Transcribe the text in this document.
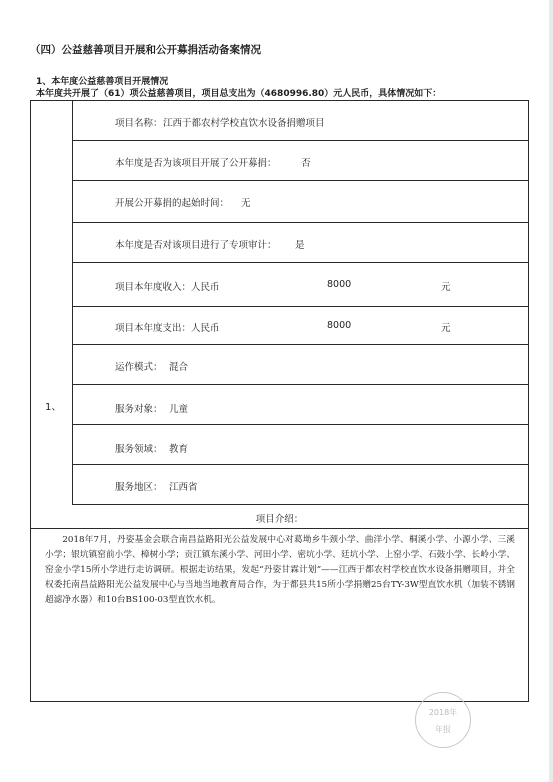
（四）公益慈善项目开展和公开募捐活动备案情况
1、本年度公益慈善项目开展情况
本年度共开展了（61）项公益慈善项目，项目总支出为（4680996.80）元人民币，具体情况如下：
1、
项目名称： 江西于都农村学校直饮水设备捐赠项目
本年度是否为该项目开展了公开募捐：	否
开展公开募捐的起始时间： 无
本年度是否对该项目进行了专项审计： 是
项目本年度收入：人民币	8000	元
项目本年度支出：人民币	8000	元
运作模式： 混合
服务对象： 儿童
服务领域： 教育
服务地区： 江西省
项目介绍：
2018年7月，丹姿基金会联合南昌益路阳光公益发展中心对葛坳乡牛颈小学、曲洋小学、桐溪小学、小源小学、三溪小学；银坑镇窑前小学、樟树小学；贡江镇东溪小学、河田小学、密坑小学、廷坑小学、上窑小学、石鼓小学、长岭小学、窑金小学15所小学进行走访调研。根据走访结果，发起“丹姿甘霖计划”——江西于都农村学校直饮水设备捐赠项目，并全权委托南昌益路阳光公益发展中心与当地当地教育局合作，为于都县共15所小学捐赠25台TY-3W型直饮水机（加装不锈钢超滤净水器）和10台BS100-03型直饮水机。
2018年
年报
